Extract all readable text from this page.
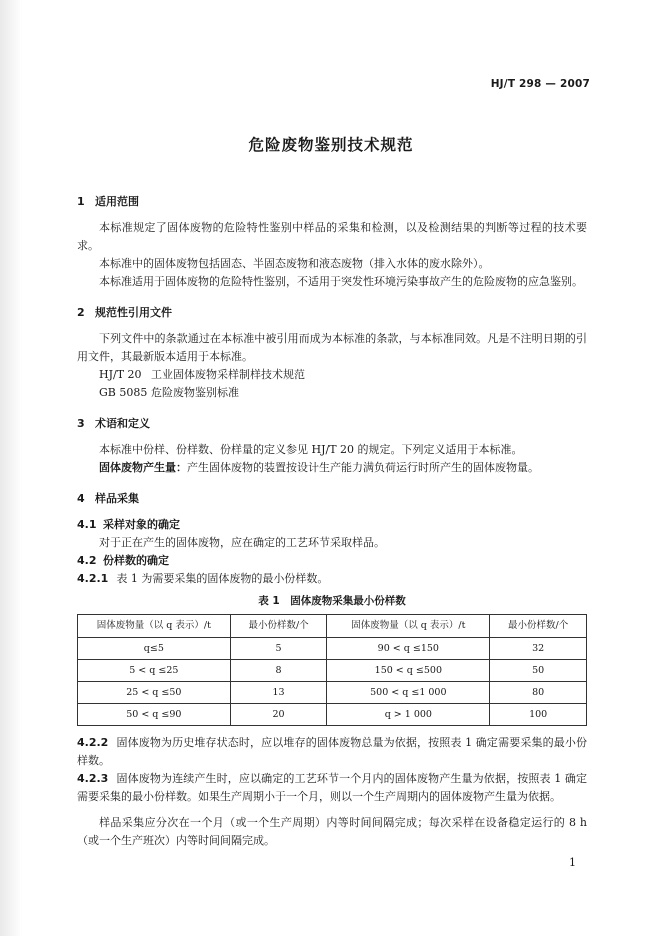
HJ/T 298 — 2007
危险废物鉴别技术规范

1 适用范围

本标准规定了固体废物的危险特性鉴别中样品的采集和检测，以及检测结果的判断等过程的技术要求。

本标准中的固体废物包括固态、半固态废物和液态废物（排入水体的废水除外）。

本标准适用于固体废物的危险特性鉴别，不适用于突发性环境污染事故产生的危险废物的应急鉴别。

2 规范性引用文件

下列文件中的条款通过在本标准中被引用而成为本标准的条款，与本标准同效。凡是不注明日期的引用文件，其最新版本适用于本标准。

HJ/T 20 工业固体废物采样制样技术规范

GB 5085 危险废物鉴别标准

3 术语和定义

本标准中份样、份样数、份样量的定义参见 HJ/T 20 的规定。下列定义适用于本标准。

固体废物产生量：产生固体废物的装置按设计生产能力满负荷运行时所产生的固体废物量。

4 样品采集

4.1 采样对象的确定

对于正在产生的固体废物，应在确定的工艺环节采取样品。

4.2 份样数的确定

4.2.1 表 1 为需要采集的固体废物的最小份样数。

表 1　固体废物采集最小份样数
固体废物量（以 q 表示）/t	最小份样数/个	固体废物量（以 q 表示）/t	最小份样数/个
q≤5	5	90 < q ≤150	32
5 < q ≤25	8	150 < q ≤500	50
25 < q ≤50	13	500 < q ≤1 000	80
50 < q ≤90	20	q > 1 000	100

4.2.2 固体废物为历史堆存状态时，应以堆存的固体废物总量为依据，按照表 1 确定需要采集的最小份样数。

4.2.3 固体废物为连续产生时，应以确定的工艺环节一个月内的固体废物产生量为依据，按照表 1 确定需要采集的最小份样数。如果生产周期小于一个月，则以一个生产周期内的固体废物产生量为依据。

样品采集应分次在一个月（或一个生产周期）内等时间间隔完成；每次采样在设备稳定运行的 8 h（或一个生产班次）内等时间间隔完成。

1
